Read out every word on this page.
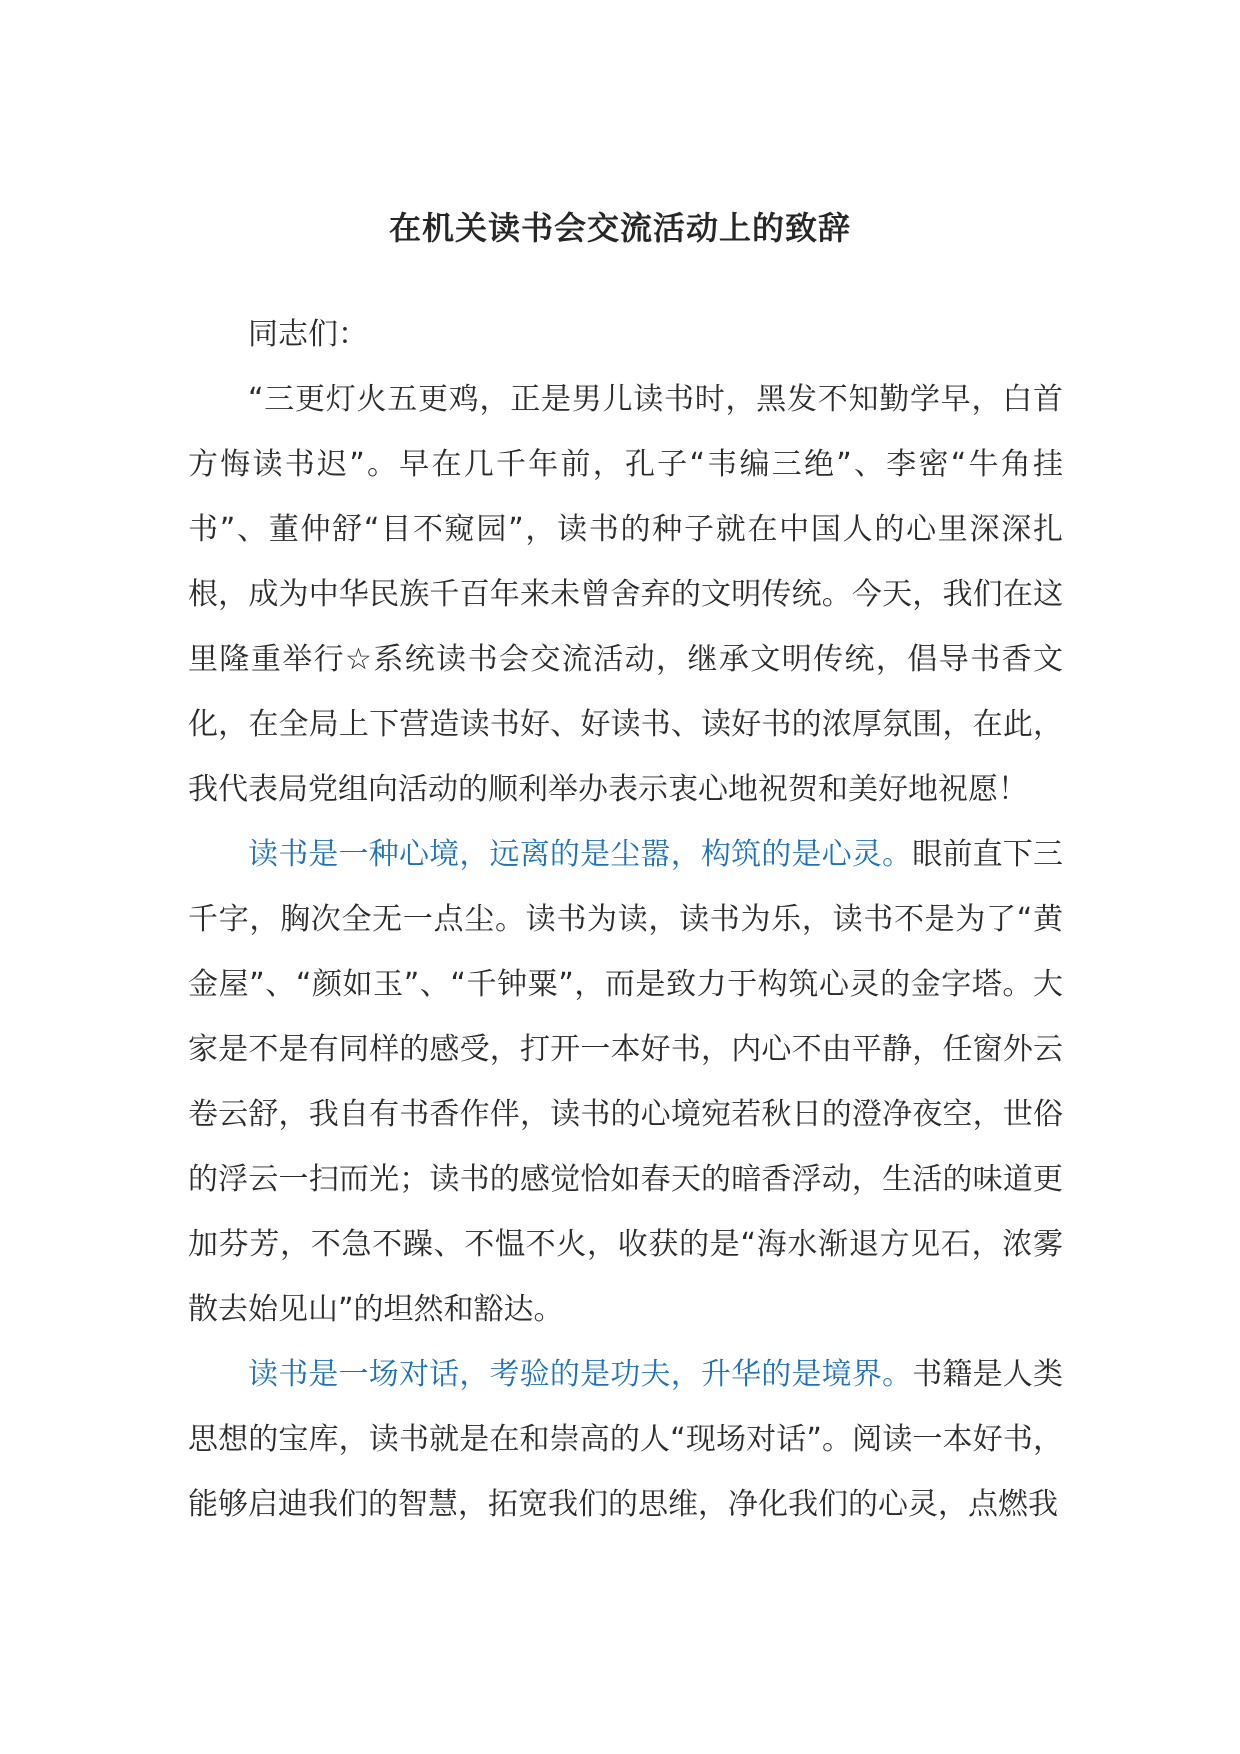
在机关读书会交流活动上的致辞

同志们：

“三更灯火五更鸡，正是男儿读书时，黑发不知勤学早，白首方悔读书迟”。早在几千年前，孔子“韦编三绝”、李密“牛角挂书”、董仲舒“目不窥园”，读书的种子就在中国人的心里深深扎根，成为中华民族千百年来未曾舍弃的文明传统。今天，我们在这里隆重举行☆系统读书会交流活动，继承文明传统，倡导书香文化，在全局上下营造读书好、好读书、读好书的浓厚氛围，在此，我代表局党组向活动的顺利举办表示衷心地祝贺和美好地祝愿！

读书是一种心境，远离的是尘嚣，构筑的是心灵。眼前直下三千字，胸次全无一点尘。读书为读，读书为乐，读书不是为了“黄金屋”、“颜如玉”、“千钟粟”，而是致力于构筑心灵的金字塔。大家是不是有同样的感受，打开一本好书，内心不由平静，任窗外云卷云舒，我自有书香作伴，读书的心境宛若秋日的澄净夜空，世俗的浮云一扫而光；读书的感觉恰如春天的暗香浮动，生活的味道更加芬芳，不急不躁、不愠不火，收获的是“海水渐退方见石，浓雾散去始见山”的坦然和豁达。

读书是一场对话，考验的是功夫，升华的是境界。书籍是人类思想的宝库，读书就是在和崇高的人“现场对话”。阅读一本好书，能够启迪我们的智慧，拓宽我们的思维，净化我们的心灵，点燃我
